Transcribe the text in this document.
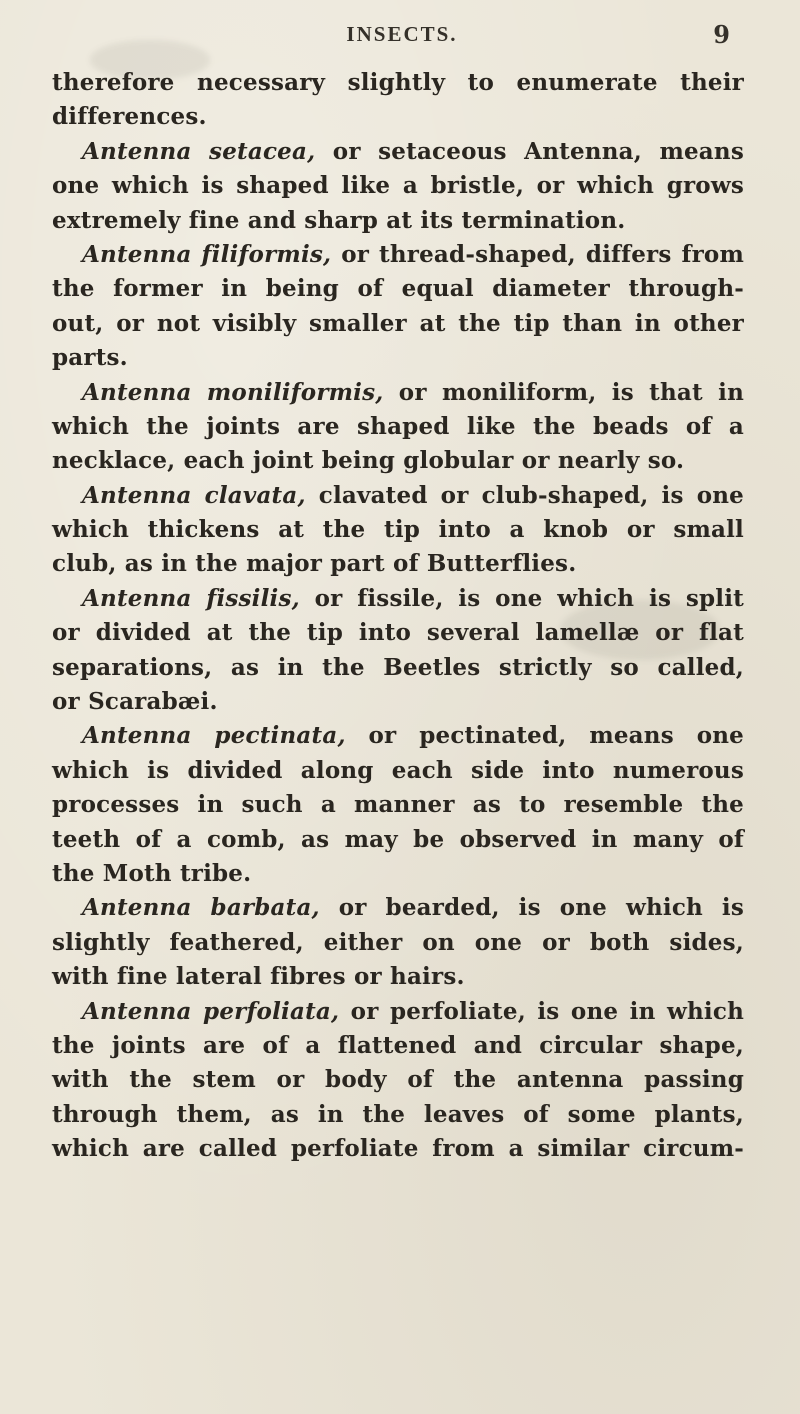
INSECTS.	9
therefore necessary slightly to enumerate their
differences.
Antenna setacea, or setaceous Antenna, means
one which is shaped like a bristle, or which grows
extremely fine and sharp at its termination.
Antenna filiformis, or thread-shaped, differs from
the former in being of equal diameter through-
out, or not visibly smaller at the tip than in other
parts.
Antenna moniliformis, or moniliform, is that in
which the joints are shaped like the beads of a
necklace, each joint being globular or nearly so.
Antenna clavata, clavated or club-shaped, is one
which thickens at the tip into a knob or small
club, as in the major part of Butterflies.
Antenna fissilis, or fissile, is one which is split
or divided at the tip into several lamellæ or flat
separations, as in the Beetles strictly so called,
or Scarabæi.
Antenna pectinata, or pectinated, means one
which is divided along each side into numerous
processes in such a manner as to resemble the
teeth of a comb, as may be observed in many of
the Moth tribe.
Antenna barbata, or bearded, is one which is
slightly feathered, either on one or both sides,
with fine lateral fibres or hairs.
Antenna perfoliata, or perfoliate, is one in which
the joints are of a flattened and circular shape,
with the stem or body of the antenna passing
through them, as in the leaves of some plants,
which are called perfoliate from a similar circum-
